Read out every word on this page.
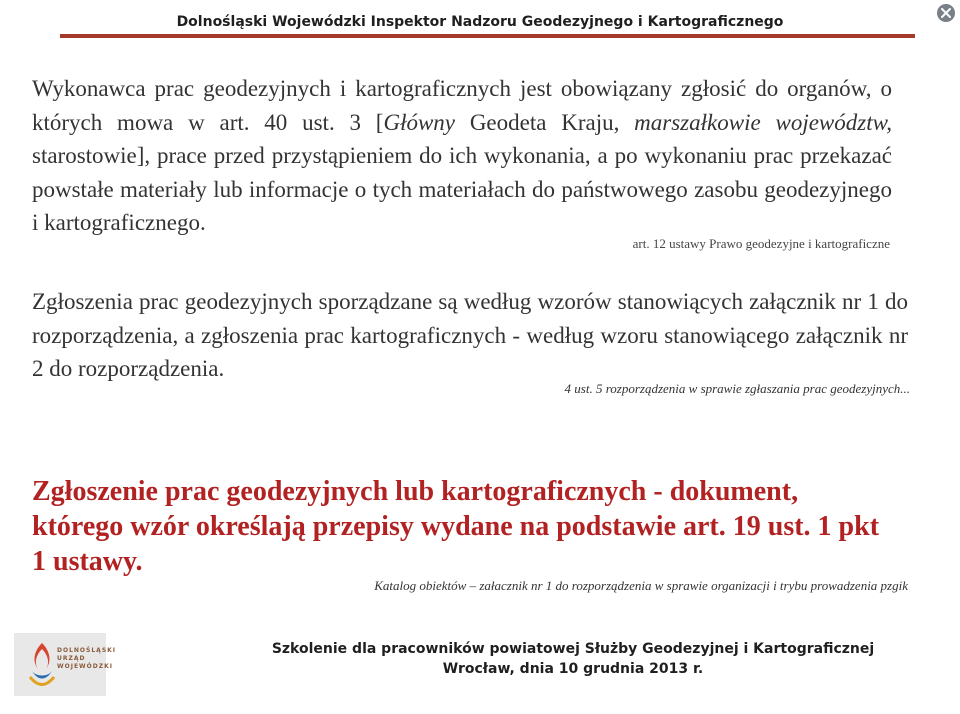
Dolnośląski Wojewódzki Inspektor Nadzoru Geodezyjnego i Kartograficznego

Wykonawca prac geodezyjnych i kartograficznych jest obowiązany zgłosić do organów, o których mowa w art. 40 ust. 3 [Główny Geodeta Kraju, marszałkowie województw, starostowie], prace przed przystąpieniem do ich wykonania, a po wykonaniu prac przekazać powstałe materiały lub informacje o tych materiałach do państwowego zasobu geodezyjnego i kartograficznego.

art. 12 ustawy Prawo geodezyjne i kartograficzne

Zgłoszenia prac geodezyjnych sporządzane są według wzorów stanowiących załącznik nr 1 do rozporządzenia, a zgłoszenia prac kartograficznych - według wzoru stanowiącego załącznik nr 2 do rozporządzenia.

4 ust. 5 rozporządzenia w sprawie zgłaszania prac geodezyjnych...

Zgłoszenie prac geodezyjnych lub kartograficznych - dokument, którego wzór określają przepisy wydane na podstawie art. 19 ust. 1 pkt 1 ustawy.

Katalog obiektów – załacznik nr 1 do rozporządzenia w sprawie organizacji i trybu prowadzenia pzgik
DOLNOŚLĄSKI
URZĄD
WOJEWÓDZKI
Szkolenie dla pracowników powiatowej Służby Geodezyjnej i Kartograficznej
Wrocław, dnia 10 grudnia 2013 r.
